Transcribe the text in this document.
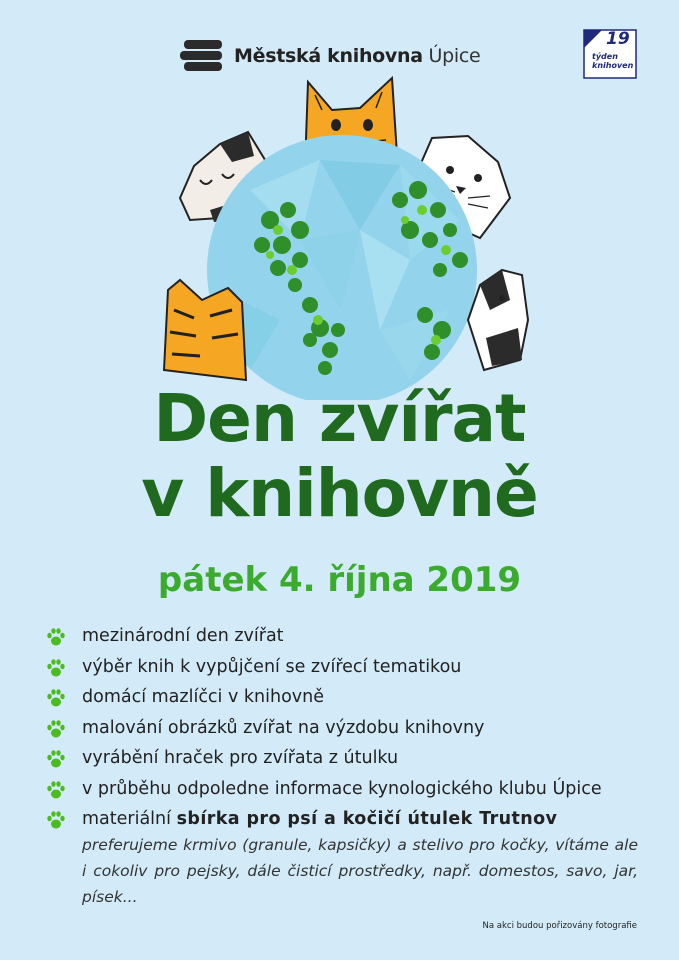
Městská knihovna Úpice
19
týden
knihoven
Den zvířat
v knihovně
pátek 4. října 2019
mezinárodní den zvířat
výběr knih k vypůjčení se zvířecí tematikou
domácí mazlíčci v knihovně
malování obrázků zvířat na výzdobu knihovny
vyrábění hraček pro zvířata z útulku
v průběhu odpoledne informace kynologického klubu Úpice
materiální sbírka pro psí a kočičí útulek Trutnov
preferujeme krmivo (granule, kapsičky) a stelivo pro kočky, vítáme ale i cokoliv pro pejsky, dále čisticí prostředky, např. domestos, savo, jar, písek...
Na akci budou pořizovány fotografie
